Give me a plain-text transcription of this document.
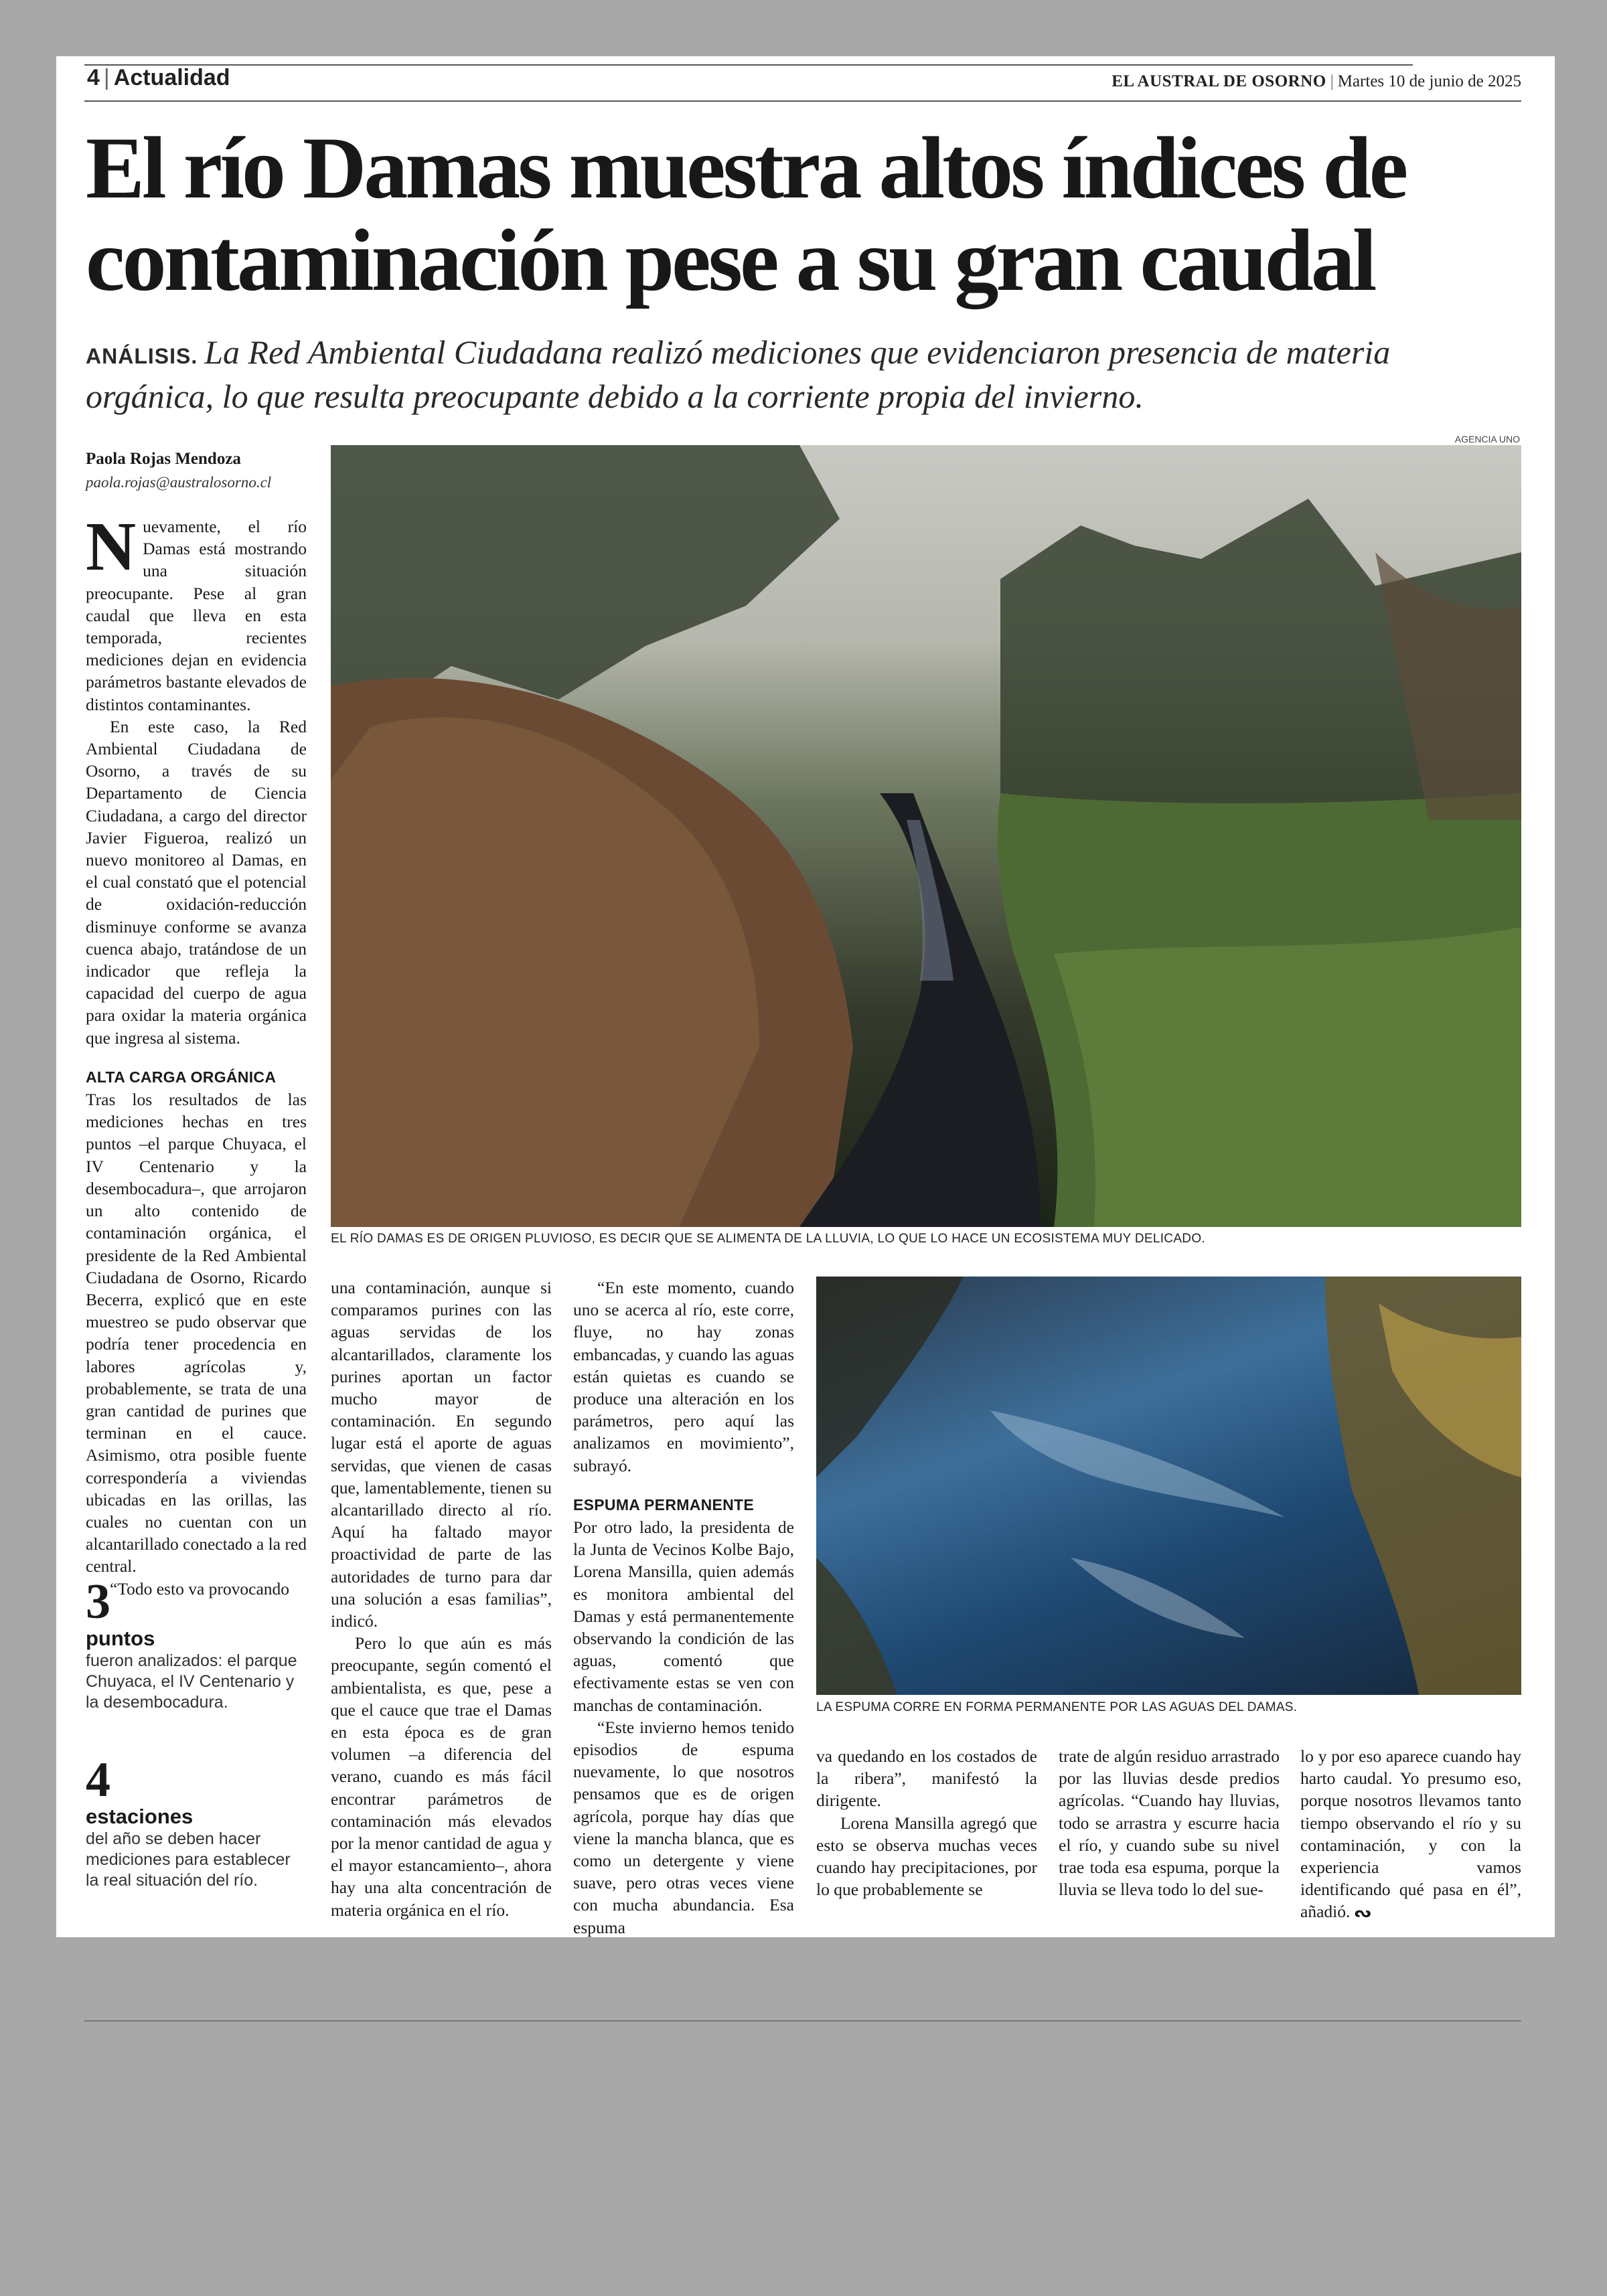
4 | Actualidad	EL AUSTRAL DE OSORNO | Martes 10 de junio de 2025
El río Damas muestra altos índices de contaminación pese a su gran caudal
ANÁLISIS. La Red Ambiental Ciudadana realizó mediciones que evidenciaron presencia de materia orgánica, lo que resulta preocupante debido a la corriente propia del invierno.
Paola Rojas Mendoza
paola.rojas@australosorno.cl

Nuevamente, el río Damas está mostrando una situación preocupante. Pese al gran caudal que lleva en esta temporada, recientes mediciones dejan en evidencia parámetros bastante elevados de distintos contaminantes.

En este caso, la Red Ambiental Ciudadana de Osorno, a través de su Departamento de Ciencia Ciudadana, a cargo del director Javier Figueroa, realizó un nuevo monitoreo al Damas, en el cual constató que el potencial de oxidación-reducción disminuye conforme se avanza cuenca abajo, tratándose de un indicador que refleja la capacidad del cuerpo de agua para oxidar la materia orgánica que ingresa al sistema.

ALTA CARGA ORGÁNICA

Tras los resultados de las mediciones hechas en tres puntos –el parque Chuyaca, el IV Centenario y la desembocadura–, que arrojaron un alto contenido de contaminación orgánica, el presidente de la Red Ambiental Ciudadana de Osorno, Ricardo Becerra, explicó que en este muestreo se pudo observar que podría tener procedencia en labores agrícolas y, probablemente, se trata de una gran cantidad de purines que terminan en el cauce. Asimismo, otra posible fuente correspondería a viviendas ubicadas en las orillas, las cuales no cuentan con un alcantarillado conectado a la red central.

“Todo esto va provocando

3
puntos
fueron analizados: el parque Chuyaca, el IV Centenario y la desembocadura.
4
estaciones
del año se deben hacer mediciones para establecer la real situación del río.
AGENCIA UNO
EL RÍO DAMAS ES DE ORIGEN PLUVIOSO, ES DECIR QUE SE ALIMENTA DE LA LLUVIA, LO QUE LO HACE UN ECOSISTEMA MUY DELICADO.

una contaminación, aunque si comparamos purines con las aguas servidas de los alcantarillados, claramente los purines aportan un factor mucho mayor de contaminación. En segundo lugar está el aporte de aguas servidas, que vienen de casas que, lamentablemente, tienen su alcantarillado directo al río. Aquí ha faltado mayor proactividad de parte de las autoridades de turno para dar una solución a esas familias”, indicó.

Pero lo que aún es más preocupante, según comentó el ambientalista, es que, pese a que el cauce que trae el Damas en esta época es de gran volumen –a diferencia del verano, cuando es más fácil encontrar parámetros de contaminación más elevados por la menor cantidad de agua y el mayor estancamiento–, ahora hay una alta concentración de materia orgánica en el río.

“En este momento, cuando uno se acerca al río, este corre, fluye, no hay zonas embancadas, y cuando las aguas están quietas es cuando se produce una alteración en los parámetros, pero aquí las analizamos en movimiento”, subrayó.

ESPUMA PERMANENTE

Por otro lado, la presidenta de la Junta de Vecinos Kolbe Bajo, Lorena Mansilla, quien además es monitora ambiental del Damas y está permanentemente observando la condición de las aguas, comentó que efectivamente estas se ven con manchas de contaminación.

“Este invierno hemos tenido episodios de espuma nuevamente, lo que nosotros pensamos que es de origen agrícola, porque hay días que viene la mancha blanca, que es como un detergente y viene suave, pero otras veces viene con mucha abundancia. Esa espuma

LA ESPUMA CORRE EN FORMA PERMANENTE POR LAS AGUAS DEL DAMAS.

va quedando en los costados de la ribera”, manifestó la dirigente.

Lorena Mansilla agregó que esto se observa muchas veces cuando hay precipitaciones, por lo que probablemente se

trate de algún residuo arrastrado por las lluvias desde predios agrícolas. “Cuando hay lluvias, todo se arrastra y escurre hacia el río, y cuando sube su nivel trae toda esa espuma, porque la lluvia se lleva todo lo del sue-

lo y por eso aparece cuando hay harto caudal. Yo presumo eso, porque nosotros llevamos tanto tiempo observando el río y su contaminación, y con la experiencia vamos identificando qué pasa en él”, añadió. ᔓ
